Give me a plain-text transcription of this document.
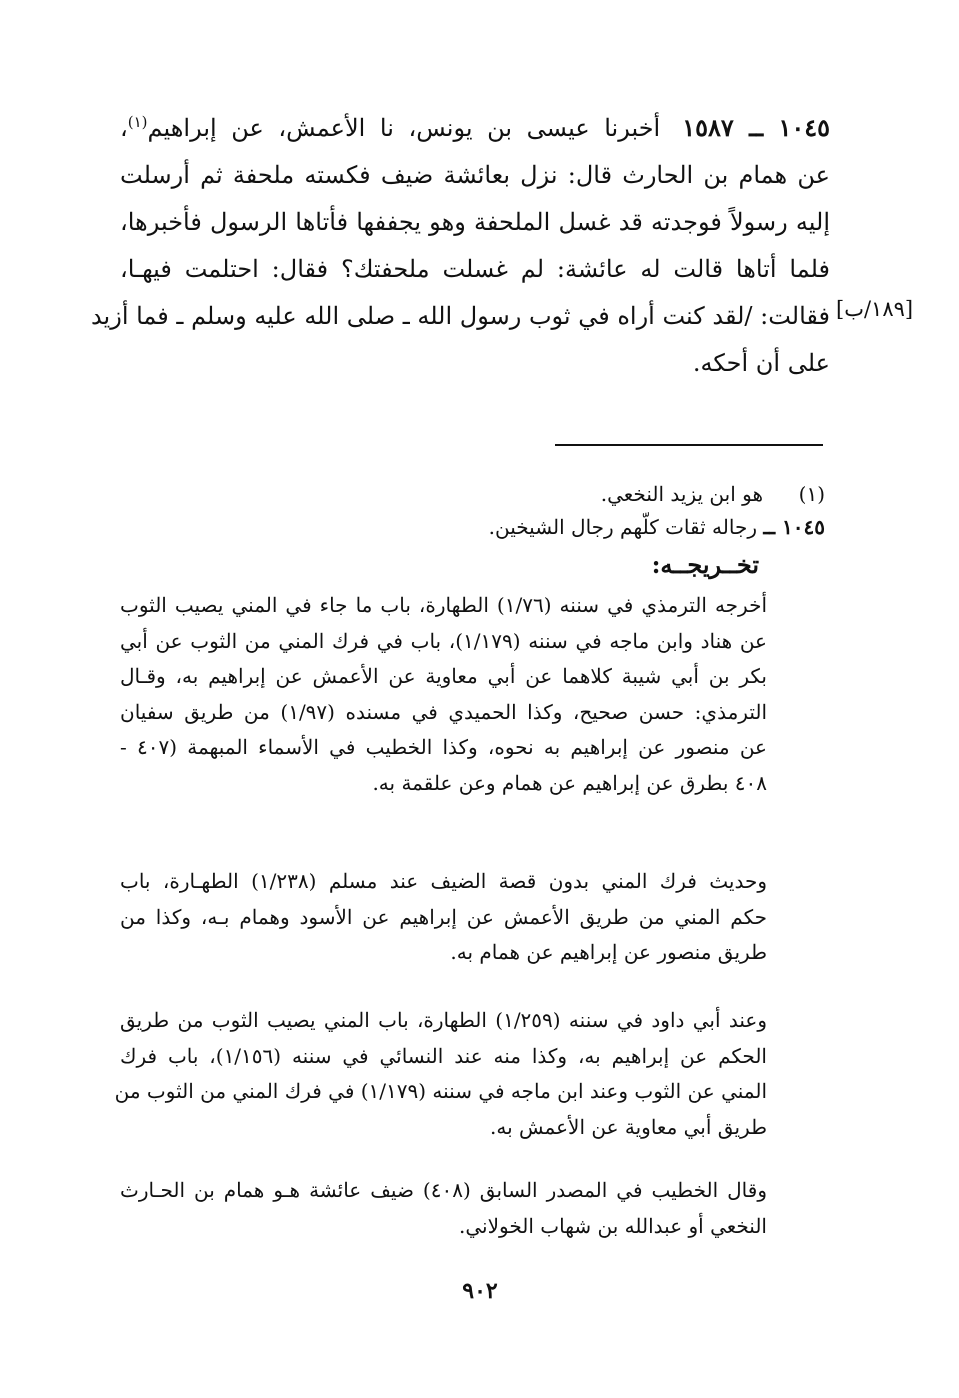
١٠٤٥ ــ ١٥٨٧أخبرنا عيسى بن يونس، نا الأعمش، عن إبراهيم$^{(١)}$،
عن همام بن الحارث قال: نزل بعائشة ضيف فكسته ملحفة ثم أرسلت
إليه رسولاً فوجدته قد غسل الملحفة وهو يجففها فأتاها الرسول فأخبرها،
فلما أتاها قالت له عائشة: لم غسلت ملحفتك؟ فقال: احتلمت فيهـا،
فقالت: /لقد كنت أراه في ثوب رسول الله ـ صلى الله عليه وسلم ـ فما أزيد
على أن أحكه.
[١٨٩/ب]
(١)هو ابن يزيد النخعي.
١٠٤٥ ــ رجاله ثقات كلّهم رجال الشيخين.
تخــريجــه:
أخرجه الترمذي في سننه (١/٧٦) الطهارة، باب ما جاء في المني يصيب الثوب
عن هناد وابن ماجه في سننه (١/١٧٩)، باب في فرك المني من الثوب عن أبي
بكر بن أبي شيبة كلاهما عن أبي معاوية عن الأعمش عن إبراهيم به، وقـال
الترمذي: حسن صحيح، وكذا الحميدي في مسنده (١/٩٧) من طريق سفيان
عن منصور عن إبراهيم به نحوه، وكذا الخطيب في الأسماء المبهمة (٤٠٧ -
٤٠٨ بطرق عن إبراهيم عن همام وعن علقمة به.
وحديث فرك المني بدون قصة الضيف عند مسلم (١/٢٣٨) الطهـارة، باب
حكم المني من طريق الأعمش عن إبراهيم عن الأسود وهمام بـه، وكذا من
طريق منصور عن إبراهيم عن همام به.
وعند أبي داود في سننه (١/٢٥٩) الطهارة، باب المني يصيب الثوب من طريق
الحكم عن إبراهيم به، وكذا منه عند النسائي في سننه (١/١٥٦)، باب فرك
المني عن الثوب وعند ابن ماجه في سننه (١/١٧٩) في فرك المني من الثوب من
طريق أبي معاوية عن الأعمش به.
وقال الخطيب في المصدر السابق (٤٠٨) ضيف عائشة هـو همام بن الحـارث
النخعي أو عبدالله بن شهاب الخولاني.
٩٠٢
